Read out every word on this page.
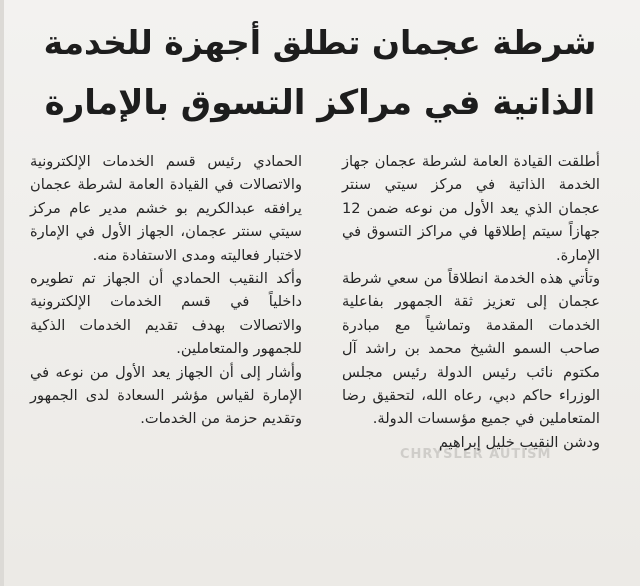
شرطة عجمان تطلق أجهزة للخدمة
الذاتية في مراكز التسوق بالإمارة
CHRYSLER AUTISM

أطلقت القيادة العامة لشرطة عجمان جهاز الخدمة الذاتية في مركز سيتي سنتر عجمان الذي يعد الأول من نوعه ضمن 12 جهازاً سيتم إطلاقها في مراكز التسوق في الإمارة.

وتأتي هذه الخدمة انطلاقاً من سعي شرطة عجمان إلى تعزيز ثقة الجمهور بفاعلية الخدمات المقدمة وتماشياً مع مبادرة صاحب السمو الشيخ محمد بن راشد آل مكتوم نائب رئيس الدولة رئيس مجلس الوزراء حاكم دبي، رعاه الله، لتحقيق رضا المتعاملين في جميع مؤسسات الدولة.

ودشن النقيب خليل إبراهيم

الحمادي رئيس قسم الخدمات الإلكترونية والاتصالات في القيادة العامة لشرطة عجمان يرافقه عبدالكريم بو خشم مدير عام مركز سيتي سنتر عجمان، الجهاز الأول في الإمارة لاختبار فعاليته ومدى الاستفادة منه.

وأكد النقيب الحمادي أن الجهاز تم تطويره داخلياً في قسم الخدمات الإلكترونية والاتصالات بهدف تقديم الخدمات الذكية للجمهور والمتعاملين.

وأشار إلى أن الجهاز يعد الأول من نوعه في الإمارة لقياس مؤشر السعادة لدى الجمهور وتقديم حزمة من الخدمات.
